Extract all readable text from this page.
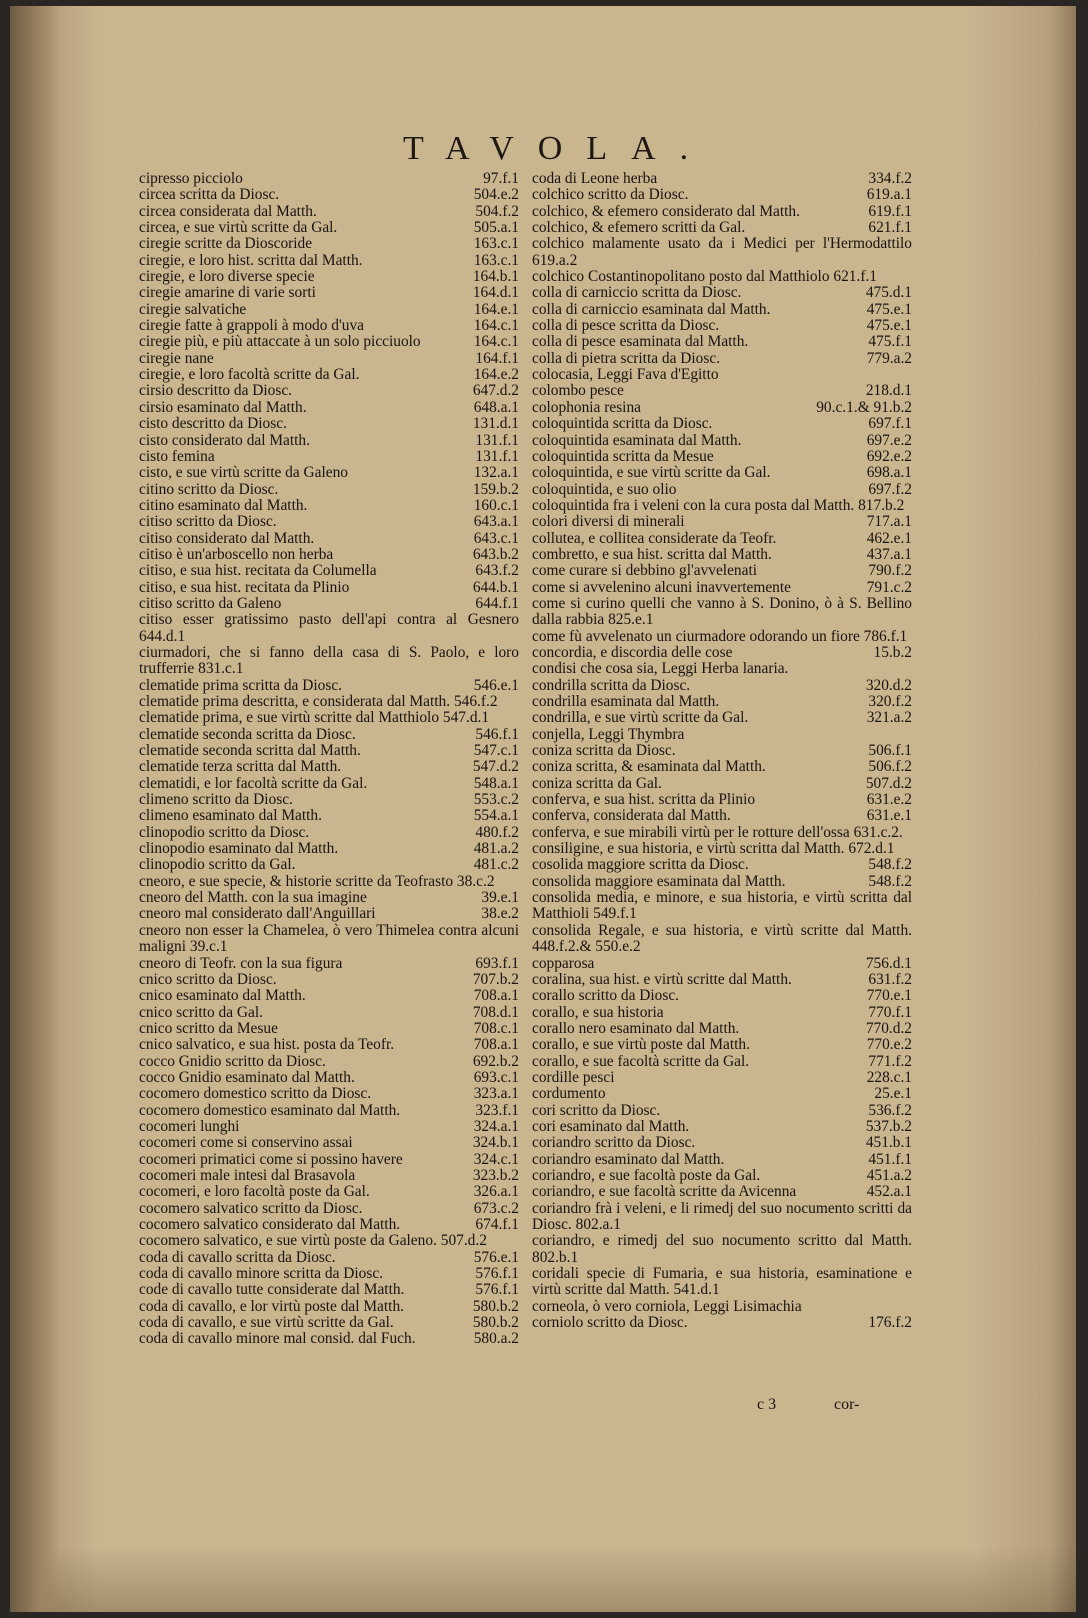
TAVOLA.
cipresso picciolo	97.f.1
circea scritta da Diosc.	504.e.2
circea considerata dal Matth.	504.f.2
circea, e sue virtù scritte da Gal.	505.a.1
ciregie scritte da Dioscoride	163.c.1
ciregie, e loro hist. scritta dal Matth.	163.c.1
ciregie, e loro diverse specie	164.b.1
ciregie amarine di varie sorti	164.d.1
ciregie salvatiche	164.e.1
ciregie fatte à grappoli à modo d'uva	164.c.1
ciregie più, e più attaccate à un solo picciuolo	164.c.1
ciregie nane	164.f.1
ciregie, e loro facoltà scritte da Gal.	164.e.2
cirsio descritto da Diosc.	647.d.2
cirsio esaminato dal Matth.	648.a.1
cisto descritto da Diosc.	131.d.1
cisto considerato dal Matth.	131.f.1
cisto femina	131.f.1
cisto, e sue virtù scritte da Galeno	132.a.1
citino scritto da Diosc.	159.b.2
citino esaminato dal Matth.	160.c.1
citiso scritto da Diosc.	643.a.1
citiso considerato dal Matth.	643.c.1
citiso è un'arboscello non herba	643.b.2
citiso, e sua hist. recitata da Columella	643.f.2
citiso, e sua hist. recitata da Plinio	644.b.1
citiso scritto da Galeno	644.f.1
citiso esser gratissimo pasto dell'api contra al Gesnero644.d.1
ciurmadori, che si fanno della casa di S. Paolo, e loro trufferrie 831.c.1
clematide prima scritta da Diosc.	546.e.1
clematide prima descritta, e considerata dal Matth. 546.f.2
clematide prima, e sue virtù scritte dal Matthiolo 547.d.1
clematide seconda scritta da Diosc.	546.f.1
clematide seconda scritta dal Matth.	547.c.1
clematide terza scritta dal Matth.	547.d.2
clematidi, e lor facoltà scritte da Gal.	548.a.1
climeno scritto da Diosc.	553.c.2
climeno esaminato dal Matth.	554.a.1
clinopodio scritto da Diosc.	480.f.2
clinopodio esaminato dal Matth.	481.a.2
clinopodio scritto da Gal.	481.c.2
cneoro, e sue specie, & historie scritte da Teofrasto 38.c.2
cneoro del Matth. con la sua imagine	39.e.1
cneoro mal considerato dall'Anguillari	38.e.2
cneoro non esser la Chamelea, ò vero Thimelea contra alcuni maligni 39.c.1
cneoro di Teofr. con la sua figura	693.f.1
cnico scritto da Diosc.	707.b.2
cnico esaminato dal Matth.	708.a.1
cnico scritto da Gal.	708.d.1
cnico scritto da Mesue	708.c.1
cnico salvatico, e sua hist. posta da Teofr.	708.a.1
cocco Gnidio scritto da Diosc.	692.b.2
cocco Gnidio esaminato dal Matth.	693.c.1
cocomero domestico scritto da Diosc.	323.a.1
cocomero domestico esaminato dal Matth.	323.f.1
cocomeri lunghi	324.a.1
cocomeri come si conservino assai	324.b.1
cocomeri primatici come si possino havere	324.c.1
cocomeri male intesi dal Brasavola	323.b.2
cocomeri, e loro facoltà poste da Gal.	326.a.1
cocomero salvatico scritto da Diosc.	673.c.2
cocomero salvatico considerato dal Matth.	674.f.1
cocomero salvatico, e sue virtù poste da Galeno. 507.d.2
coda di cavallo scritta da Diosc.	576.e.1
coda di cavallo minore scritta da Diosc.	576.f.1
code di cavallo tutte considerate dal Matth.	576.f.1
coda di cavallo, e lor virtù poste dal Matth.	580.b.2
coda di cavallo, e sue virtù scritte da Gal.	580.b.2
coda di cavallo minore mal consid. dal Fuch.	580.a.2
coda di Leone herba	334.f.2
colchico scritto da Diosc.	619.a.1
colchico, & efemero considerato dal Matth.	619.f.1
colchico, & efemero scritti da Gal.	621.f.1
colchico malamente usato da i Medici per l'Hermodattilo619.a.2
colchico Costantinopolitano posto dal Matthiolo 621.f.1
colla di carniccio scritta da Diosc.	475.d.1
colla di carniccio esaminata dal Matth.	475.e.1
colla di pesce scritta da Diosc.	475.e.1
colla di pesce esaminata dal Matth.	475.f.1
colla di pietra scritta da Diosc.	779.a.2
colocasia, Leggi Fava d'Egitto
colombo pesce	218.d.1
colophonia resina	90.c.1.& 91.b.2
coloquintida scritta da Diosc.	697.f.1
coloquintida esaminata dal Matth.	697.e.2
coloquintida scritta da Mesue	692.e.2
coloquintida, e sue virtù scritte da Gal.	698.a.1
coloquintida, e suo olio	697.f.2
coloquintida fra i veleni con la cura posta dal Matth. 817.b.2
colori diversi di minerali	717.a.1
collutea, e collitea considerate da Teofr.	462.e.1
combretto, e sua hist. scritta dal Matth.	437.a.1
come curare si debbino gl'avvelenati	790.f.2
come si avvelenino alcuni inavvertemente	791.c.2
come si curino quelli che vanno à S. Donino, ò à S. Bellino dalla rabbia 825.e.1
come fù avvelenato un ciurmadore odorando un fiore 786.f.1
concordia, e discordia delle cose	15.b.2
condisi che cosa sia, Leggi Herba lanaria.
condrilla scritta da Diosc.	320.d.2
condrilla esaminata dal Matth.	320.f.2
condrilla, e sue virtù scritte da Gal.	321.a.2
conjella, Leggi Thymbra
coniza scritta da Diosc.	506.f.1
coniza scritta, & esaminata dal Matth.	506.f.2
coniza scritta da Gal.	507.d.2
conferva, e sua hist. scritta da Plinio	631.e.2
conferva, considerata dal Matth.	631.e.1
conferva, e sue mirabili virtù per le rotture dell'ossa 631.c.2.
consiligine, e sua historia, e virtù scritta dal Matth. 672.d.1
cosolida maggiore scritta da Diosc.	548.f.2
consolida maggiore esaminata dal Matth.	548.f.2
consolida media, e minore, e sua historia, e virtù scritta dal Matthioli 549.f.1
consolida Regale, e sua historia, e virtù scritte dal Matth.448.f.2.& 550.e.2
copparosa	756.d.1
coralina, sua hist. e virtù scritte dal Matth.	631.f.2
corallo scritto da Diosc.	770.e.1
corallo, e sua historia	770.f.1
corallo nero esaminato dal Matth.	770.d.2
corallo, e sue virtù poste dal Matth.	770.e.2
corallo, e sue facoltà scritte da Gal.	771.f.2
cordille pesci	228.c.1
cordumento	25.e.1
cori scritto da Diosc.	536.f.2
cori esaminato dal Matth.	537.b.2
coriandro scritto da Diosc.	451.b.1
coriandro esaminato dal Matth.	451.f.1
coriandro, e sue facoltà poste da Gal.	451.a.2
coriandro, e sue facoltà scritte da Avicenna	452.a.1
coriandro frà i veleni, e li rimedj del suo nocumento scritti da Diosc. 802.a.1
coriandro, e rimedj del suo nocumento scritto dal Matth.802.b.1
coridali specie di Fumaria, e sua historia, esaminatione e virtù scritte dal Matth. 541.d.1
corneola, ò vero corniola, Leggi Lisimachia
corniolo scritto da Diosc.	176.f.2
c 3	cor-
